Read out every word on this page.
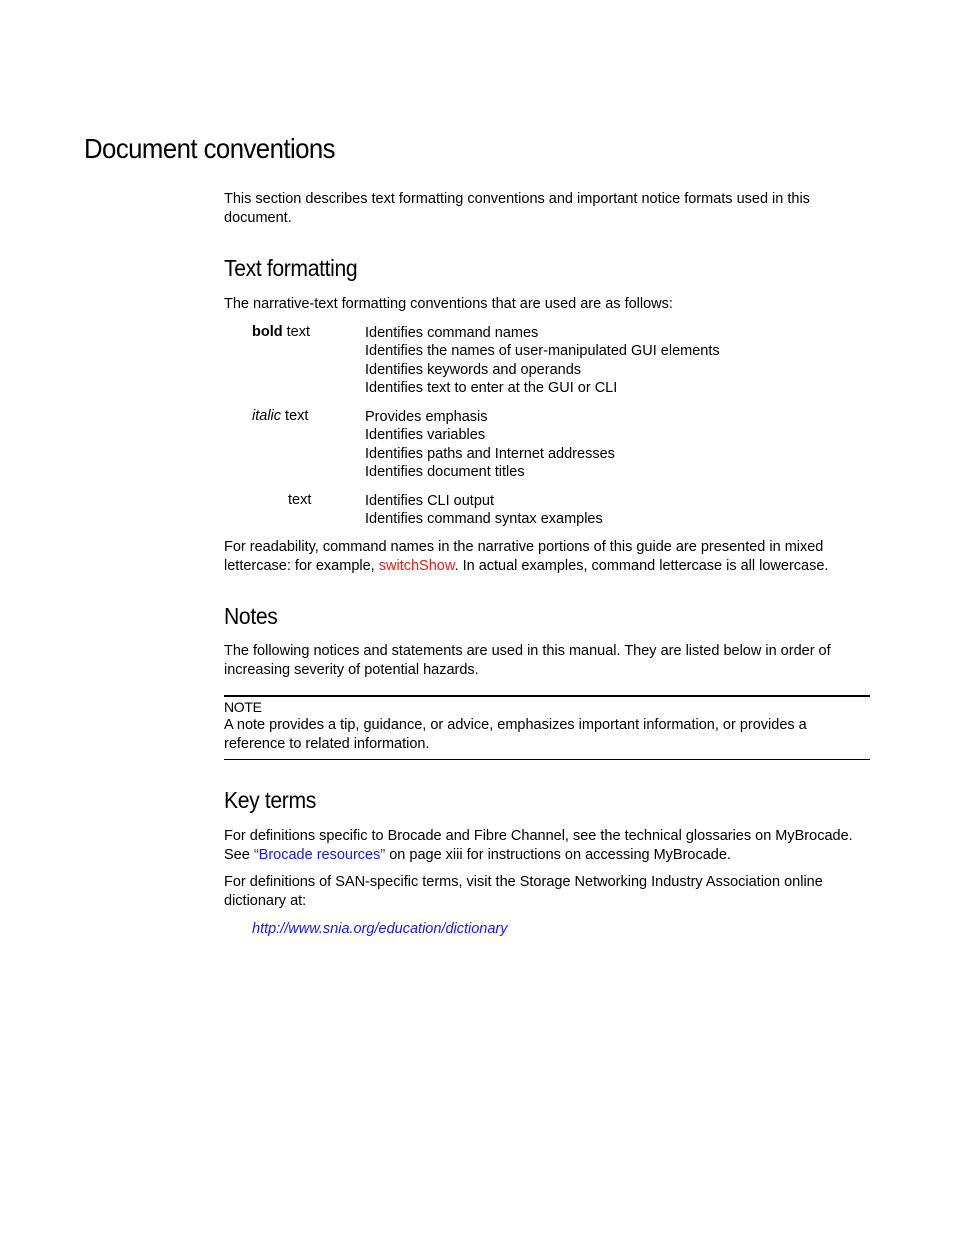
Document conventions

This section describes text formatting conventions and important notice formats used in this document.

Text formatting

The narrative-text formatting conventions that are used are as follows:

bold text	Identifies command names
Identifies the names of user-manipulated GUI elements
Identifies keywords and operands
Identifies text to enter at the GUI or CLI
italic text	Provides emphasis
Identifies variables
Identifies paths and Internet addresses
Identifies document titles
text	Identifies CLI output
Identifies command syntax examples

For readability, command names in the narrative portions of this guide are presented in mixed lettercase: for example, switchShow. In actual examples, command lettercase is all lowercase.

Notes

The following notices and statements are used in this manual. They are listed below in order of increasing severity of potential hazards.

NOTE

A note provides a tip, guidance, or advice, emphasizes important information, or provides a reference to related information.

Key terms

For definitions specific to Brocade and Fibre Channel, see the technical glossaries on MyBrocade. See “Brocade resources” on page xiii for instructions on accessing MyBrocade.

For definitions of SAN-specific terms, visit the Storage Networking Industry Association online dictionary at:

http://www.snia.org/education/dictionary
